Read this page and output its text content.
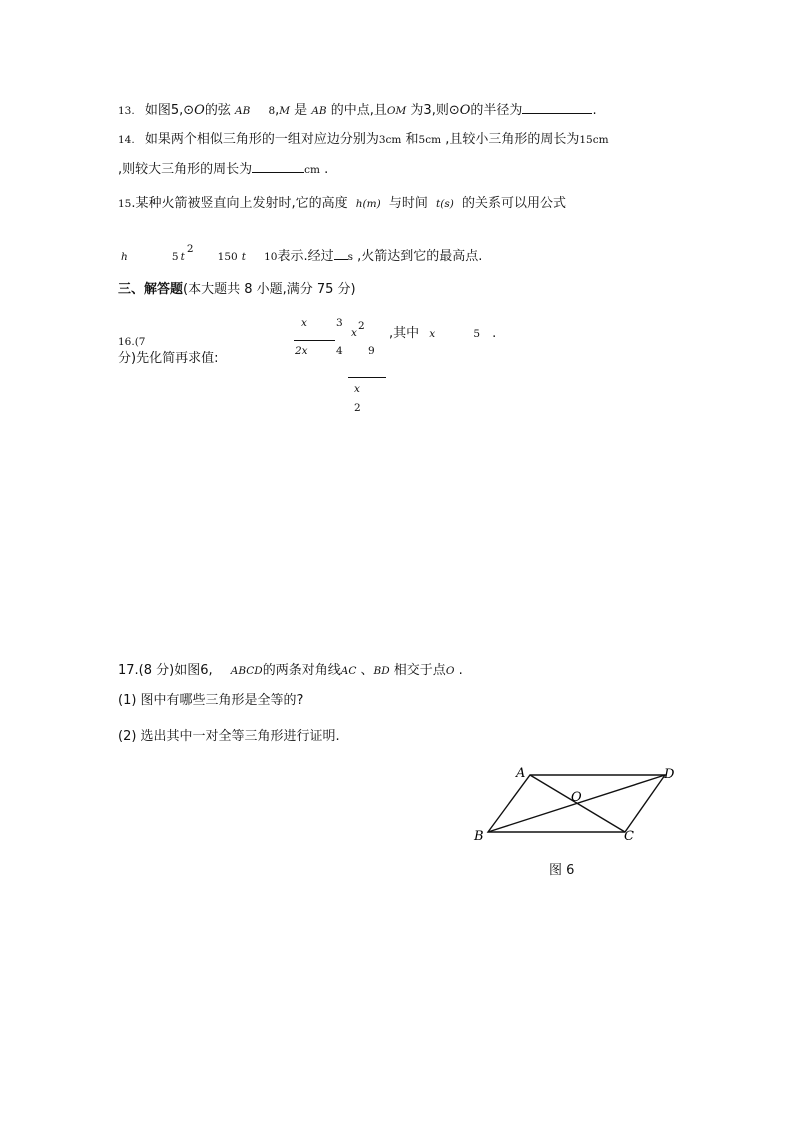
13. 如图5,⊙O的弦 AB 8,M 是 AB 的中点,且OM 为3,则⊙O的半径为	.
14. 如果两个相似三角形的一组对应边分别为3cm 和5cm ,且较小三角形的周长为15cm
,则较大三角形的周长为	cm .
15.某种火箭被竖直向上发射时,它的高度 h(m) 与时间 t(s) 的关系可以用公式
h	5 $t^2$ 150 t 10表示.经过 s ,火箭达到它的最高点.
三、解答题(本大题共 8 小题,满分 75 分)
16.(7
分)先化简再求值:
x	3
2x	4
x
2
9
x
2
,其中 x	5 .
17.(8 分)如图6, ABCD的两条对角线AC 、BD 相交于点O .
(1) 图中有哪些三角形是全等的?
(2) 选出其中一对全等三角形进行证明.
A	D
O
B	C
图 6
